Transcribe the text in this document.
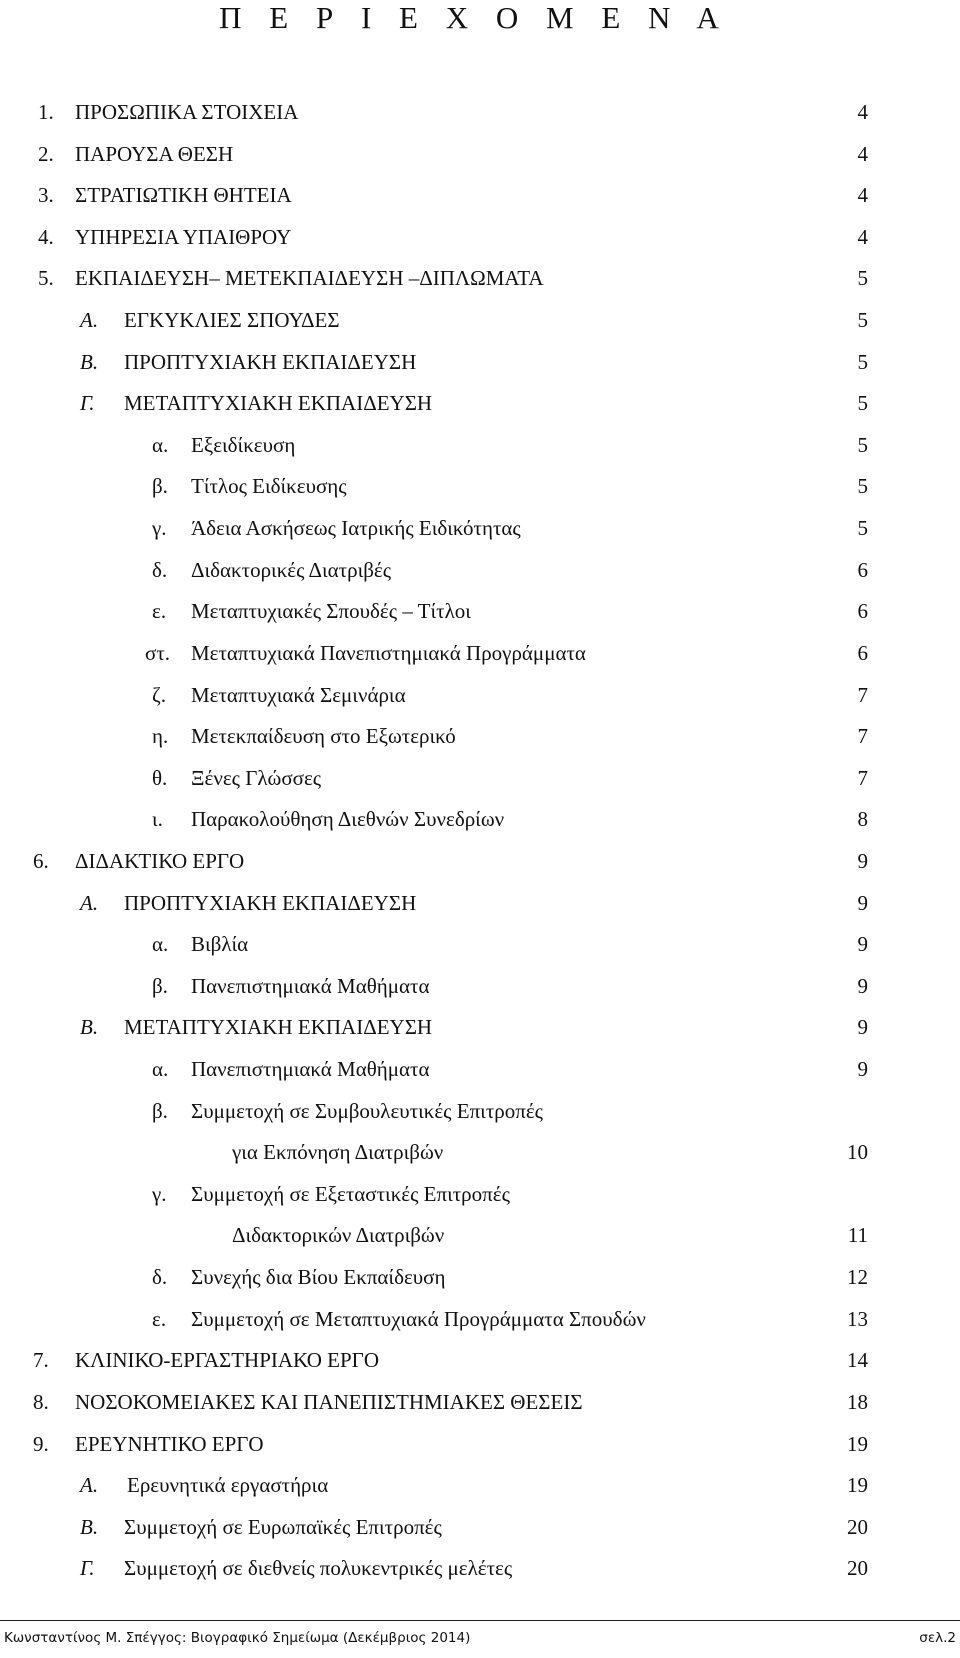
Π Ε Ρ Ι Ε Χ Ο Μ Ε Ν Α
1. ΠΡΟΣΩΠΙΚΑ ΣΤΟΙΧΕΙΑ	4
2. ΠΑΡΟΥΣΑ ΘΕΣΗ	4
3. ΣΤΡΑΤΙΩΤΙΚΗ ΘΗΤΕΙΑ	4
4. ΥΠΗΡΕΣΙΑ ΥΠΑΙΘΡΟΥ	4
5. ΕΚΠΑΙΔΕΥΣΗ– ΜΕΤΕΚΠΑΙΔΕΥΣΗ –ΔΙΠΛΩΜΑΤΑ	5
Α. ΕΓΚΥΚΛΙΕΣ ΣΠΟΥΔΕΣ	5
Β. ΠΡΟΠΤΥΧΙΑΚΗ ΕΚΠΑΙΔΕΥΣΗ	5
Γ. ΜΕΤΑΠΤΥΧΙΑΚΗ ΕΚΠΑΙΔΕΥΣΗ	5
α. Εξειδίκευση	5
β. Τίτλος Ειδίκευσης	5
γ. Άδεια Ασκήσεως Ιατρικής Ειδικότητας	5
δ. Διδακτορικές Διατριβές	6
ε. Μεταπτυχιακές Σπουδές – Τίτλοι	6
στ. Μεταπτυχιακά Πανεπιστημιακά Προγράμματα	6
ζ. Μεταπτυχιακά Σεμινάρια	7
η. Μετεκπαίδευση στο Εξωτερικό	7
θ. Ξένες Γλώσσες	7
ι. Παρακολούθηση Διεθνών Συνεδρίων	8
6. ΔΙΔΑΚΤΙΚΟ ΕΡΓΟ	9
Α. ΠΡΟΠΤΥΧΙΑΚΗ ΕΚΠΑΙΔΕΥΣΗ	9
α. Βιβλία	9
β. Πανεπιστημιακά Μαθήματα	9
Β. ΜΕΤΑΠΤΥΧΙΑΚΗ ΕΚΠΑΙΔΕΥΣΗ	9
α. Πανεπιστημιακά Μαθήματα	9
β. Συμμετοχή σε Συμβουλευτικές Επιτροπές
για Εκπόνηση Διατριβών	10
γ. Συμμετοχή σε Εξεταστικές Επιτροπές
Διδακτορικών Διατριβών	11
δ. Συνεχής δια Βίου Εκπαίδευση	12
ε. Συμμετοχή σε Μεταπτυχιακά Προγράμματα Σπουδών	13
7. ΚΛΙΝΙΚΟ-ΕΡΓΑΣΤΗΡΙΑΚΟ ΕΡΓΟ	14
8. ΝΟΣΟΚΟΜΕΙΑΚΕΣ ΚΑΙ ΠΑΝΕΠΙΣΤΗΜΙΑΚΕΣ ΘΕΣΕΙΣ	18
9. ΕΡΕΥΝΗΤΙΚΟ ΕΡΓΟ	19
Α. Ερευνητικά εργαστήρια	19
Β. Συμμετοχή σε Ευρωπαϊκές Επιτροπές	20
Γ. Συμμετοχή σε διεθνείς πολυκεντρικές μελέτες	20
Κωνσταντίνος Μ. Σπέγγος: Βιογραφικό Σημείωμα (Δεκέμβριος 2014)	σελ.2
